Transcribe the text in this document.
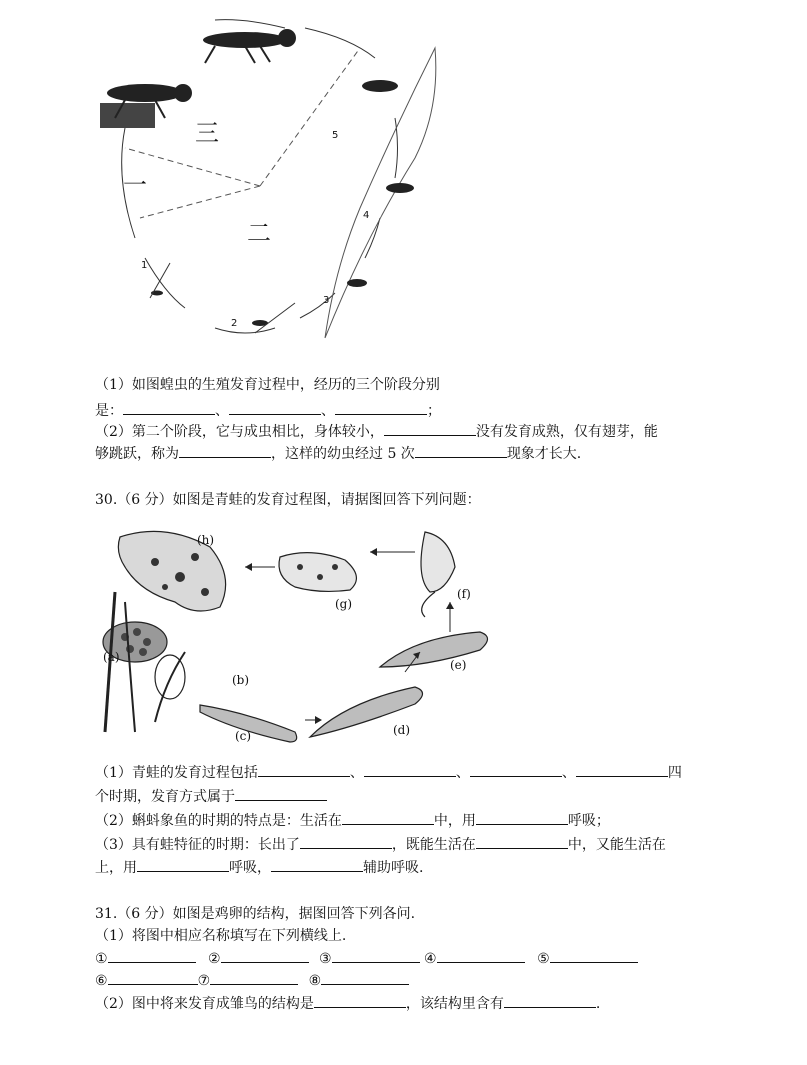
一
二
三
1
2
3
4
5
（1）如图蝗虫的生殖发育过程中，经历的三个阶段分别
是：	、	、	；
（2）第二个阶段，它与成虫相比，身体较小，	没有发育成熟，仅有翅芽，能
够跳跃，称为	，这样的幼虫经过 5 次	现象才长大.
30.（6 分）如图是青蛙的发育过程图，请据图回答下列问题：
(a)
(b)
(c)	(d)
(e)
(f)
(g)
(h)
（1）青蛙的发育过程包括	、	、	、	四
个时期，发育方式属于
（2）蝌蚪象鱼的时期的特点是：生活在	中，用	呼吸；
（3）具有蛙特征的时期：长出了	，既能生活在	中，又能生活在
上，用	呼吸，	辅助呼吸.
31.（6 分）如图是鸡卵的结构，据图回答下列各问.
（1）将图中相应名称填写在下列横线上.
①	②	③	④	⑤
⑥	⑦	⑧
（2）图中将来发育成雏鸟的结构是	，该结构里含有	.
